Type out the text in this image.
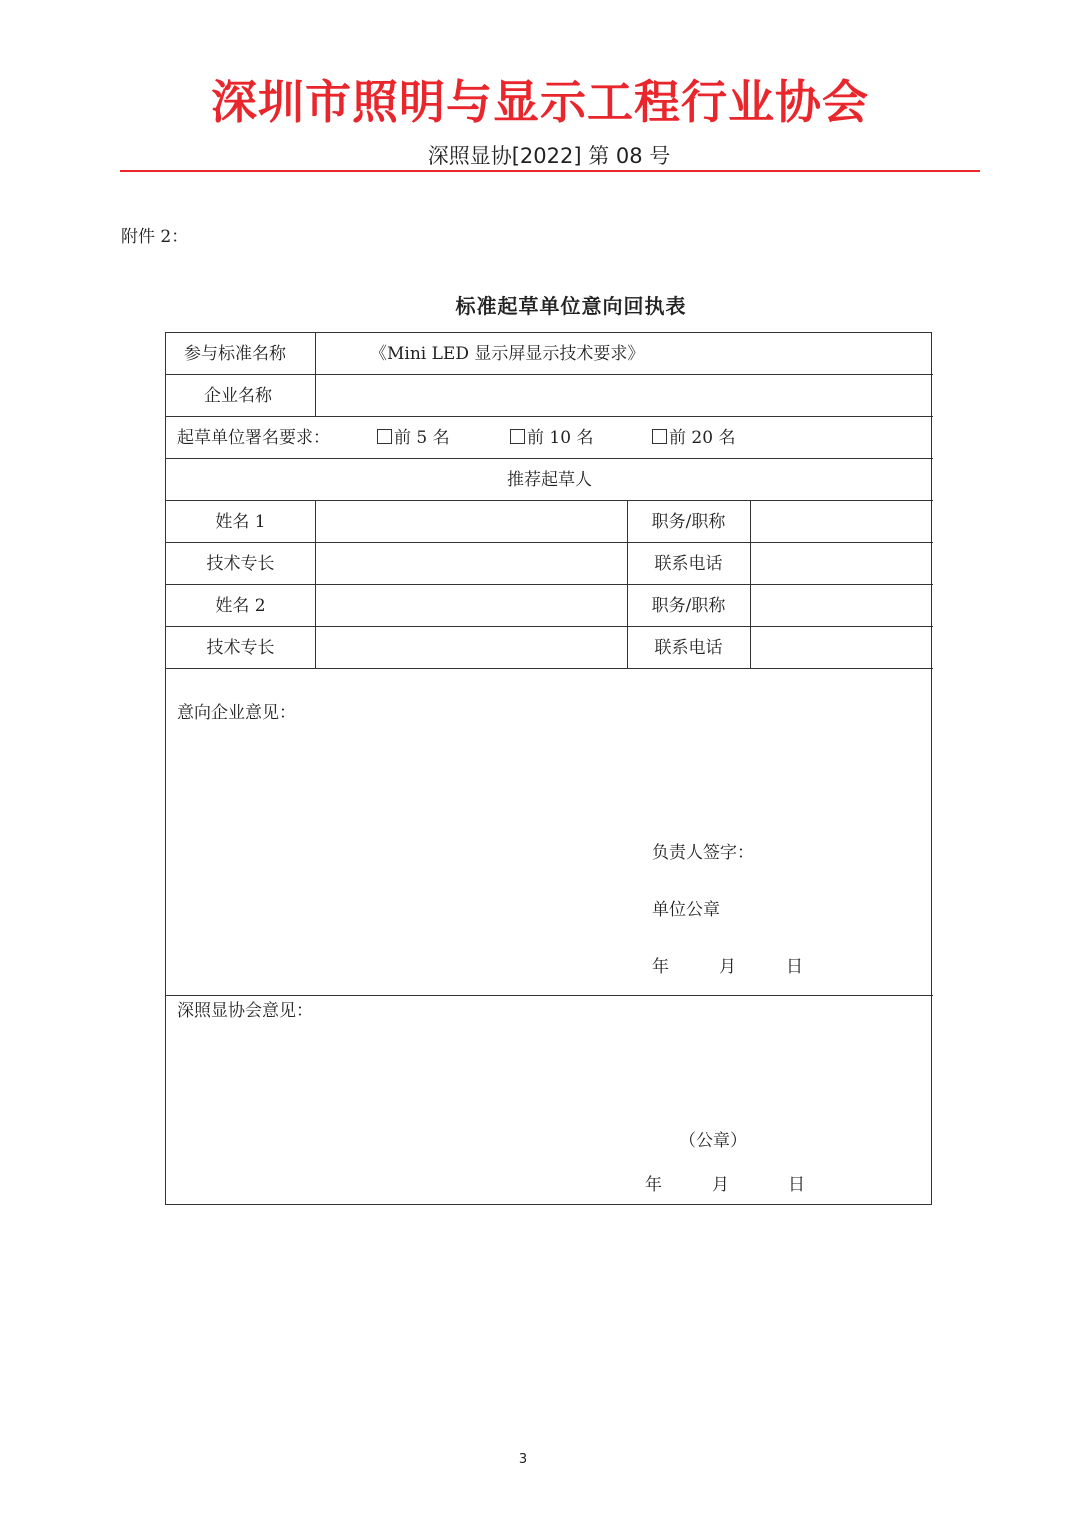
深圳市照明与显示工程行业协会
深照显协[2022] 第 08 号
附件 2：
标准起草单位意向回执表
参与标准名称	《Mini LED 显示屏显示技术要求》
企业名称
起草单位署名要求：	前 5 名	前 10 名	前 20 名
推荐起草人
姓名 1	职务/职称
技术专长	联系电话
姓名 2	职务/职称
技术专长	联系电话
意向企业意见：
负责人签字：
单位公章
年	月	日
深照显协会意见：
（公章）
年	月	日
3
